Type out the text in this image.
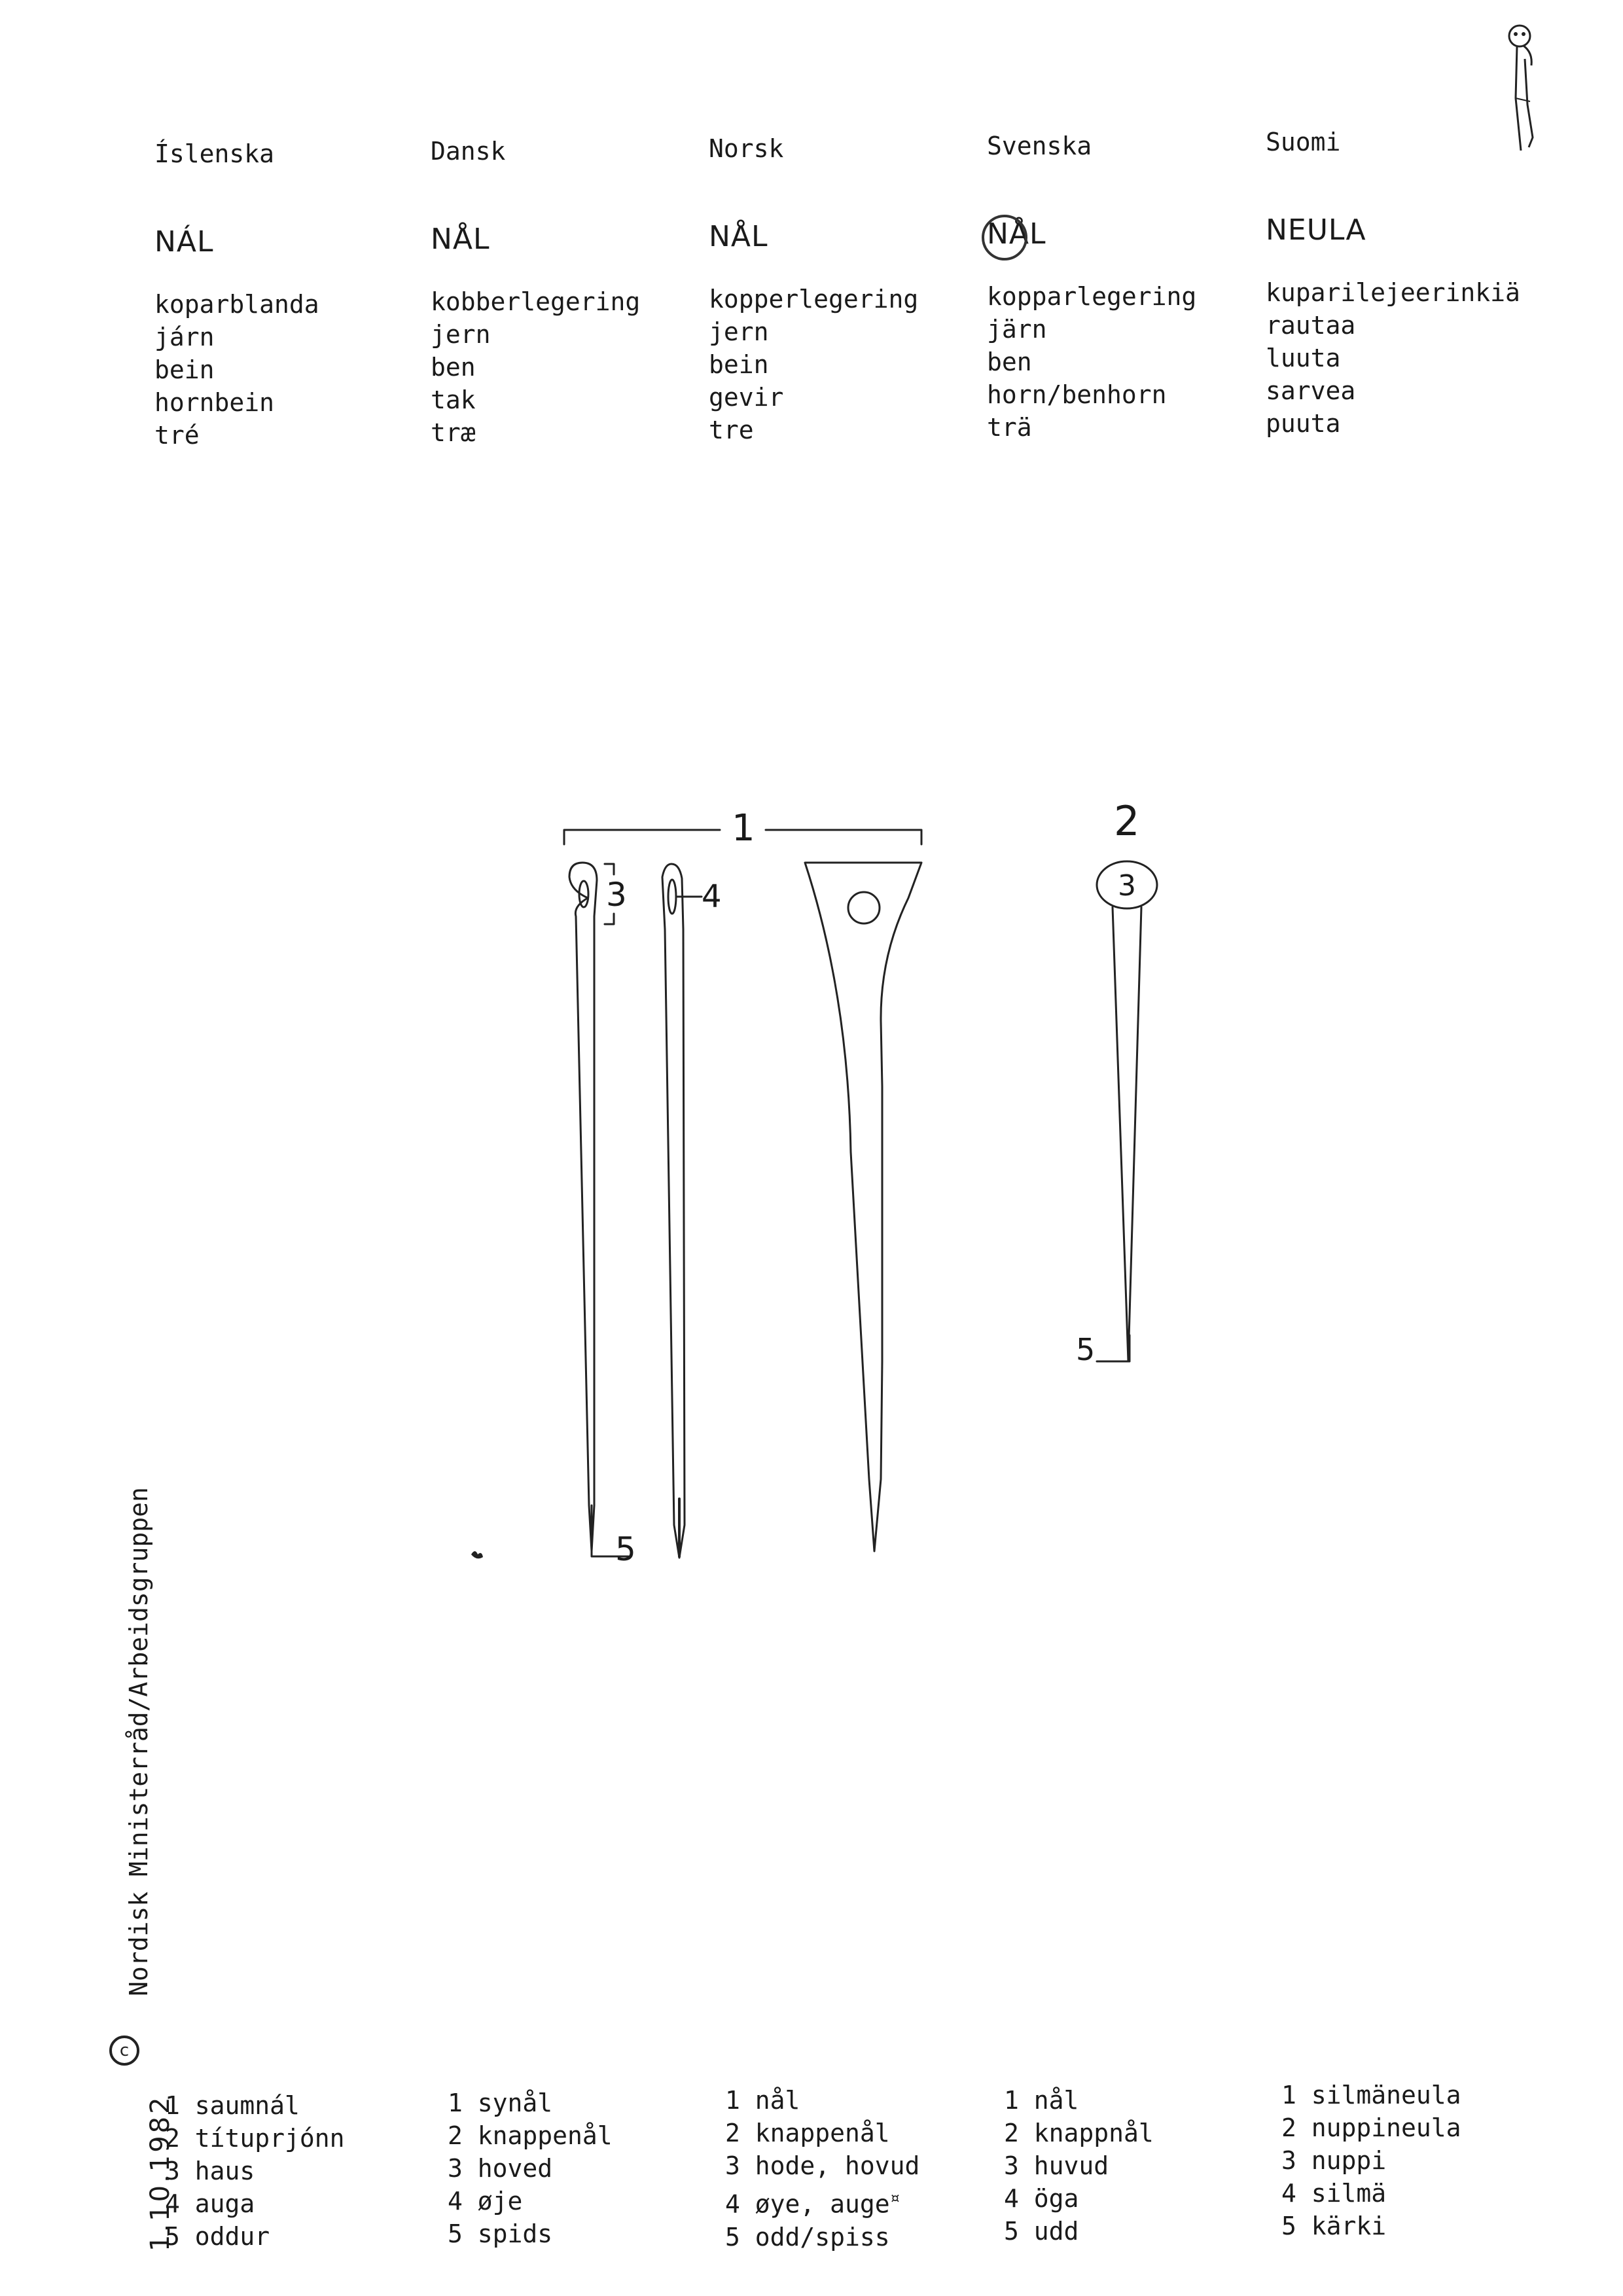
Íslenska
NÁL
koparblanda
járn
bein
hornbein
tré
Dansk
NÅL
kobberlegering
jern
ben
tak
træ
Norsk
NÅL
kopperlegering
jern
bein
gevir
tre
Svenska
NÅL
kopparlegering
järn
ben
horn/benhorn
trä
Suomi
NEULA
kuparilejeerinkiä
rautaa
luuta
sarvea
puuta
1	2
3 4
5
3
5
Nordisk Ministerråd/Arbeidsgruppen
c
1.10.1982
1 saumnál
2 títuprjónn
3 haus
4 auga
5 oddur
1 synål
2 knappenål
3 hoved
4 øje
5 spids
1 nål
2 knappenål
3 hode, hovud
4 øye, auge¤
5 odd/spiss
1 nål
2 knappnål
3 huvud
4 öga
5 udd
1 silmäneula
2 nuppineula
3 nuppi
4 silmä
5 kärki
